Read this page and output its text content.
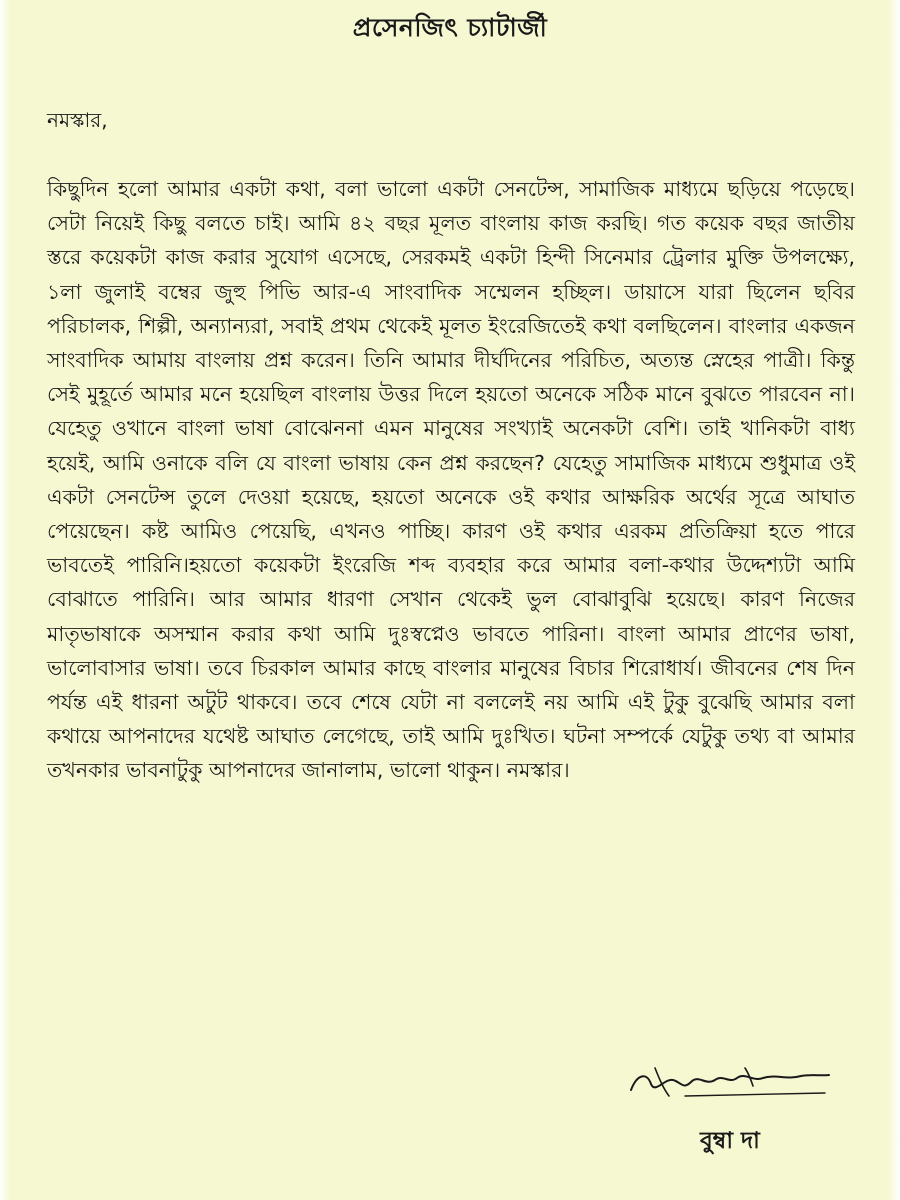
প্রসেনজিৎ চ্যাটার্জী
নমস্কার,

কিছুদিন হলো আমার একটা কথা, বলা ভালো একটা সেনটেন্স, সামাজিক মাধ্যমে ছড়িয়ে পড়েছে। সেটা নিয়েই কিছু বলতে চাই। আমি ৪২ বছর মূলত বাংলায় কাজ করছি। গত কয়েক বছর জাতীয় স্তরে কয়েকটা কাজ করার সুযোগ এসেছে, সেরকমই একটা হিন্দী সিনেমার ট্রেলার মুক্তি উপলক্ষ্যে, ১লা জুলাই বম্বের জুহু পিভি আর-এ সাংবাদিক সম্মেলন হচ্ছিল। ডায়াসে যারা ছিলেন ছবির পরিচালক, শিল্পী, অন্যান্যরা, সবাই প্রথম থেকেই মূলত ইংরেজিতেই কথা বলছিলেন। বাংলার একজন সাংবাদিক আমায় বাংলায় প্রশ্ন করেন। তিনি আমার দীর্ঘদিনের পরিচিত, অত্যন্ত স্নেহের পাত্রী। কিন্তু সেই মুহূর্তে আমার মনে হয়েছিল বাংলায় উত্তর দিলে হয়তো অনেকে সঠিক মানে বুঝতে পারবেন না। যেহেতু ওখানে বাংলা ভাষা বোঝেননা এমন মানুষের সংখ্যাই অনেকটা বেশি। তাই খানিকটা বাধ্য হয়েই, আমি ওনাকে বলি যে বাংলা ভাষায় কেন প্রশ্ন করছেন? যেহেতু সামাজিক মাধ্যমে শুধুমাত্র ওই একটা সেনটেন্স তুলে দেওয়া হয়েছে, হয়তো অনেকে ওই কথার আক্ষরিক অর্থের সূত্রে আঘাত পেয়েছেন। কষ্ট আমিও পেয়েছি, এখনও পাচ্ছি। কারণ ওই কথার এরকম প্রতিক্রিয়া হতে পারে ভাবতেই পারিনি।হয়তো কয়েকটা ইংরেজি শব্দ ব্যবহার করে আমার বলা-কথার উদ্দেশ্যটা আমি বোঝাতে পারিনি। আর আমার ধারণা সেখান থেকেই ভুল বোঝাবুঝি হয়েছে। কারণ নিজের মাতৃভাষাকে অসম্মান করার কথা আমি দুঃস্বপ্নেও ভাবতে পারিনা। বাংলা আমার প্রাণের ভাষা, ভালোবাসার ভাষা। তবে চিরকাল আমার কাছে বাংলার মানুষের বিচার শিরোধার্য। জীবনের শেষ দিন পর্যন্ত এই ধারনা অটুট থাকবে। তবে শেষে যেটা না বললেই নয় আমি এই টুকু বুঝেছি আমার বলা কথায়ে আপনাদের যথেষ্ট আঘাত লেগেছে, তাই আমি দুঃখিত। ঘটনা সম্পর্কে যেটুকু তথ্য বা আমার তখনকার ভাবনাটুকু আপনাদের জানালাম, ভালো থাকুন। নমস্কার।

বুম্বা দা
